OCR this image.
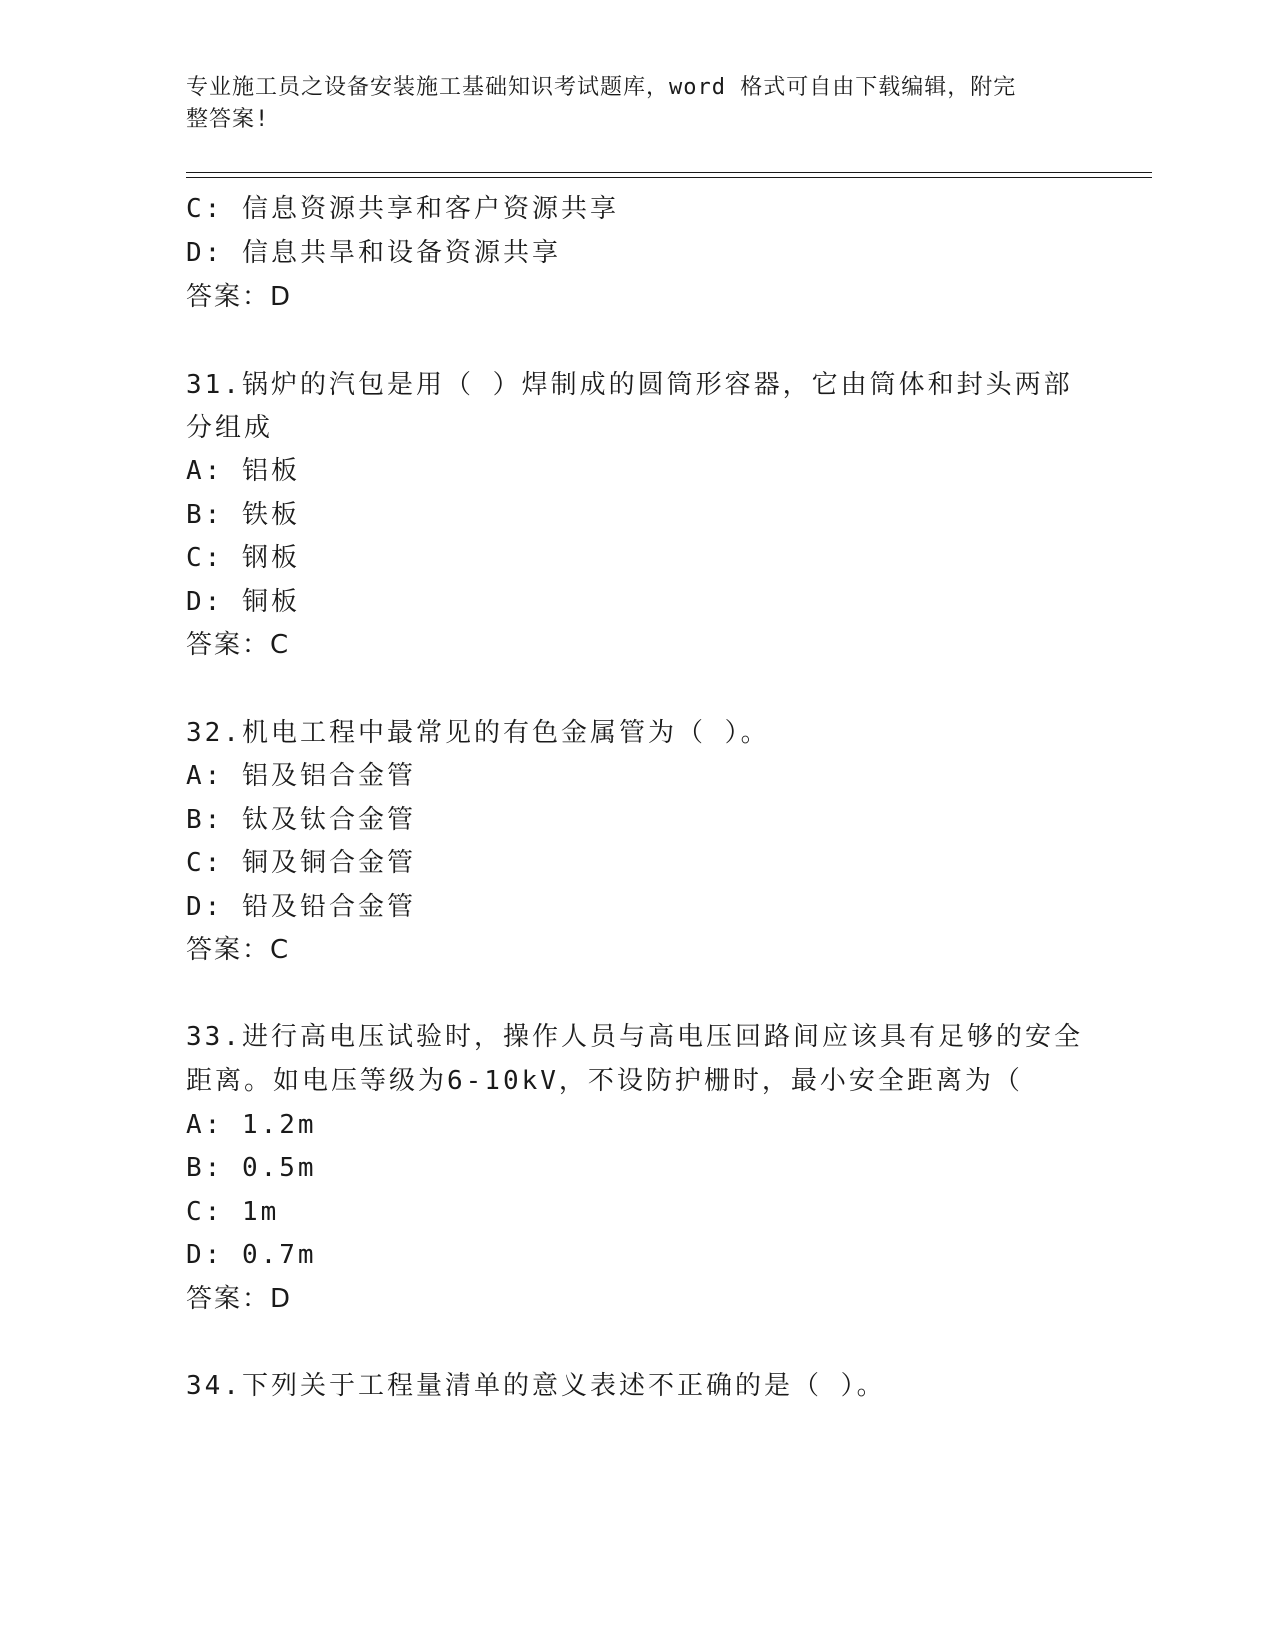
专业施工员之设备安装施工基础知识考试题库，word 格式可自由下载编辑，附完
整答案!
C: 信息资源共享和客户资源共享
D: 信息共旱和设备资源共享
答案：D
31.锅炉的汽包是用（ ）焊制成的圆筒形容器，它由筒体和封头两部
分组成
A: 铝板
B: 铁板
C: 钢板
D: 铜板
答案：C
32.机电工程中最常见的有色金属管为（ ）。
A: 铝及铝合金管
B: 钛及钛合金管
C: 铜及铜合金管
D: 铅及铅合金管
答案：C
33.进行高电压试验时，操作人员与高电压回路间应该具有足够的安全
距离。如电压等级为6-10kV，不设防护栅时，最小安全距离为（
A: 1.2m
B: 0.5m
C: 1m
D: 0.7m
答案：D
34.下列关于工程量清单的意义表述不正确的是（ ）。
